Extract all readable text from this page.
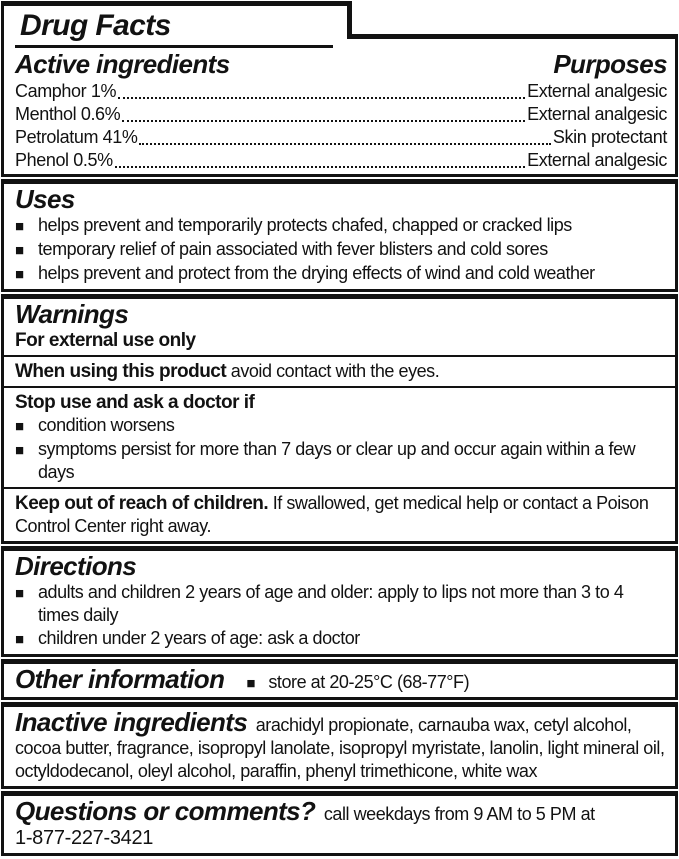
Drug Facts
Active ingredients	Purposes
Camphor 1%	External analgesic
Menthol 0.6%	External analgesic
Petrolatum 41%	Skin protectant
Phenol 0.5%	External analgesic
Uses
■
helps prevent and temporarily protects chafed, chapped or cracked lips
■
temporary relief of pain associated with fever blisters and cold sores
■
helps prevent and protect from the drying effects of wind and cold weather
Warnings
For external use only

When using this product avoid contact with the eyes.

Stop use and ask a doctor if
■
condition worsens
■
symptoms persist for more than 7 days or clear up and occur again within a few days

Keep out of reach of children. If swallowed, get medical help or contact a Poison Control Center right away.

Directions
■
adults and children 2 years of age and older: apply to lips not more than 3 to 4 times daily
■
children under 2 years of age: ask a doctor
Other information ■ store at 20-25°C (68-77°F)

Inactive ingredients arachidyl propionate, carnauba wax, cetyl alcohol, cocoa butter, fragrance, isopropyl lanolate, isopropyl myristate, lanolin, light mineral oil, octyldodecanol, oleyl alcohol, paraffin, phenyl trimethicone, white wax

Questions or comments? call weekdays from 9 AM to 5 PM at

1-877-227-3421
